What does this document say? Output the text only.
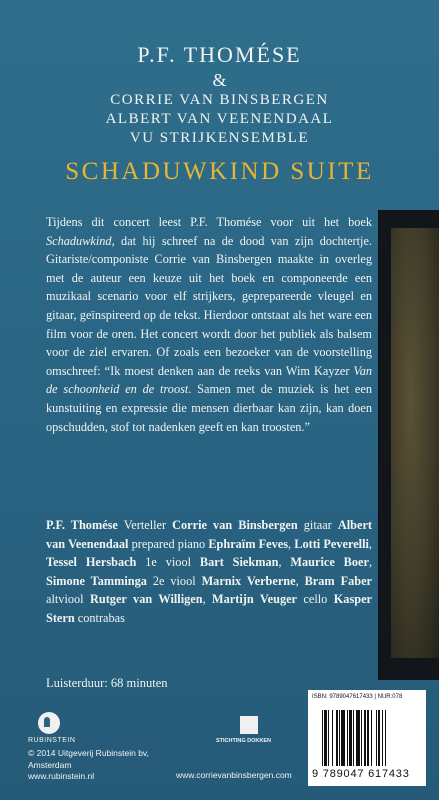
P.F. THOMÉSE
&
CORRIE VAN BINSBERGEN
ALBERT VAN VEENENDAAL
VU STRIJKENSEMBLE
SCHADUWKIND SUITE
Tijdens dit concert leest P.F. Thomése voor uit het boek Schaduwkind, dat hij schreef na de dood van zijn dochtertje. Gitariste/componiste Corrie van Binsbergen maakte in overleg met de auteur een keuze uit het boek en componeerde een muzikaal scenario voor elf strijkers, geprepareerde vleugel en gitaar, geïnspireerd op de tekst. Hierdoor ontstaat als het ware een film voor de oren. Het concert wordt door het publiek als balsem voor de ziel ervaren. Of zoals een bezoeker van de voorstelling omschreef: “Ik moest denken aan de reeks van Wim Kayzer Van de schoonheid en de troost. Samen met de muziek is het een kunstuiting en expressie die mensen dierbaar kan zijn, kan doen opschudden, stof tot nadenken geeft en kan troosten.”
P.F. Thomése Verteller Corrie van Binsbergen gitaar Albert van Veenendaal prepared piano Ephraïm Feves, Lotti Peverelli, Tessel Hersbach 1e viool Bart Siekman, Maurice Boer, Simone Tamminga 2e viool Marnix Verberne, Bram Faber altviool Rutger van Willigen, Martijn Veuger cello Kasper Stern contrabas
Luisterduur: 68 minuten
RUBINSTEIN
© 2014 Uitgeverij Rubinstein bv, Amsterdam
www.rubinstein.nl
STICHTING DOKKEN
www.corrievanbinsbergen.com
ISBN: 9789047617433 | NUR:078
9 789047 617433
